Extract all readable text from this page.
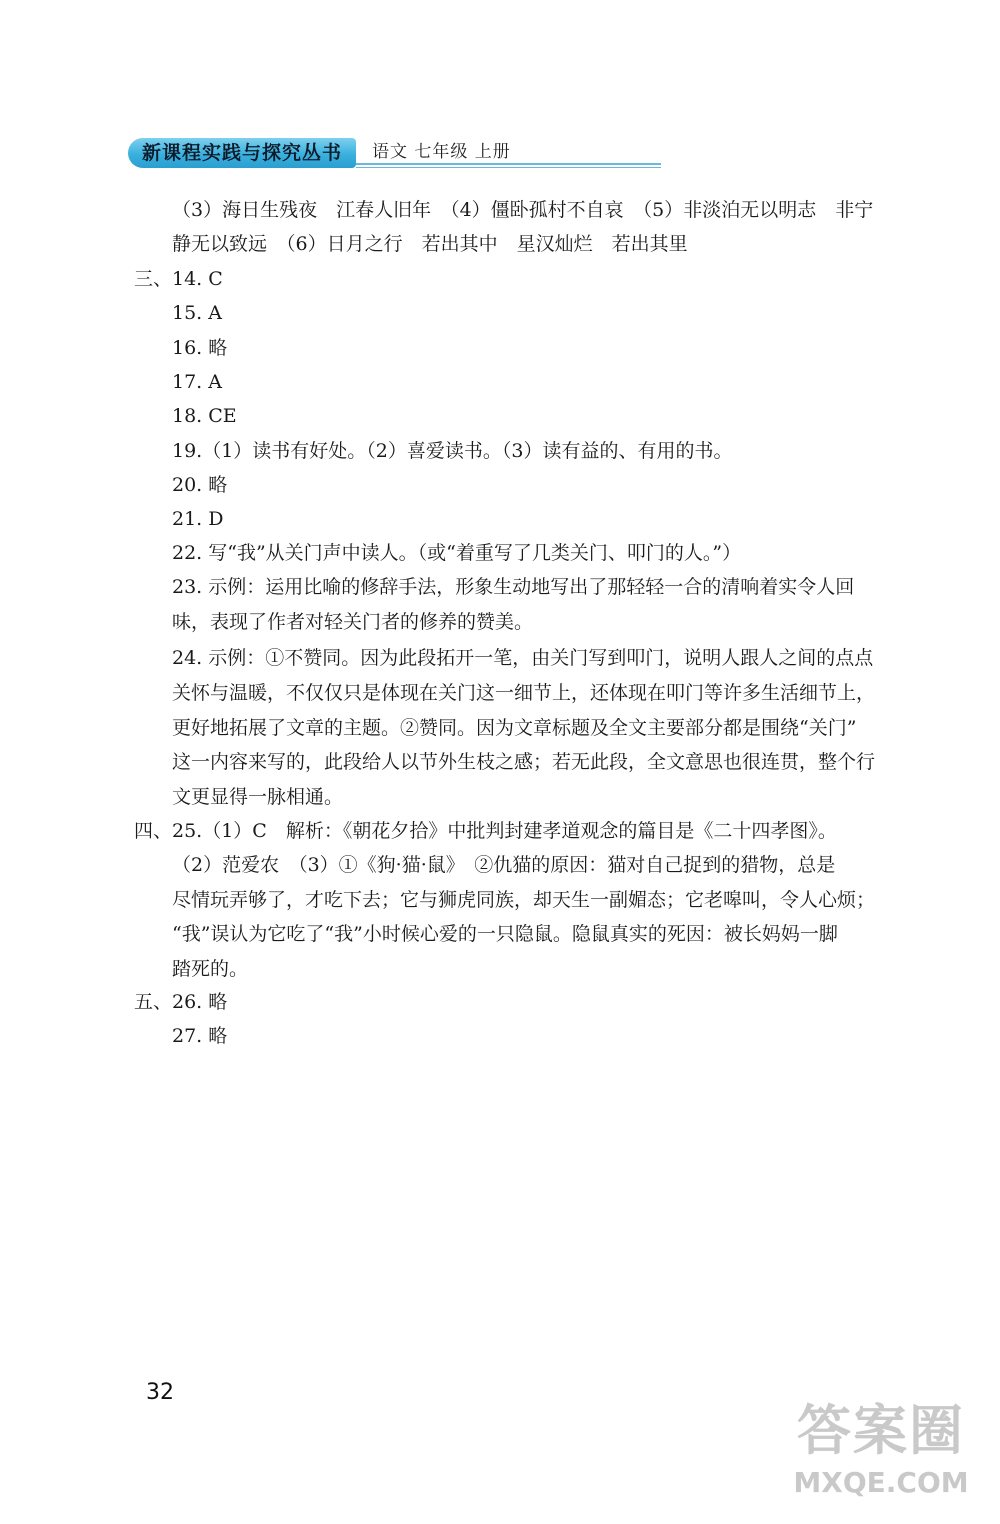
新课程实践与探究丛书	语文 七年级 上册
（3）海日生残夜　江春人旧年　（4）僵卧孤村不自哀　（5）非淡泊无以明志　非宁
静无以致远　（6）日月之行　若出其中　星汉灿烂　若出其里
三、14. C
15. A
16. 略
17. A
18. CE
19.（1）读书有好处。（2）喜爱读书。（3）读有益的、有用的书。
20. 略
21. D
22. 写“我”从关门声中读人。（或“着重写了几类关门、叩门的人。”）
23. 示例：运用比喻的修辞手法，形象生动地写出了那轻轻一合的清响着实令人回
味，表现了作者对轻关门者的修养的赞美。
24. 示例：①不赞同。因为此段拓开一笔，由关门写到叩门，说明人跟人之间的点点
关怀与温暖，不仅仅只是体现在关门这一细节上，还体现在叩门等许多生活细节上，
更好地拓展了文章的主题。②赞同。因为文章标题及全文主要部分都是围绕“关门”
这一内容来写的，此段给人以节外生枝之感；若无此段，全文意思也很连贯，整个行
文更显得一脉相通。
四、25.（1）C　解析：《朝花夕拾》中批判封建孝道观念的篇目是《二十四孝图》。
（2）范爱农　（3）①《狗·猫·鼠》　②仇猫的原因：猫对自己捉到的猎物，总是
尽情玩弄够了，才吃下去；它与狮虎同族，却天生一副媚态；它老嗥叫，令人心烦；
“我”误认为它吃了“我”小时候心爱的一只隐鼠。隐鼠真实的死因：被长妈妈一脚
踏死的。
五、26. 略
27. 略
32
答案圈
MXQE.COM
